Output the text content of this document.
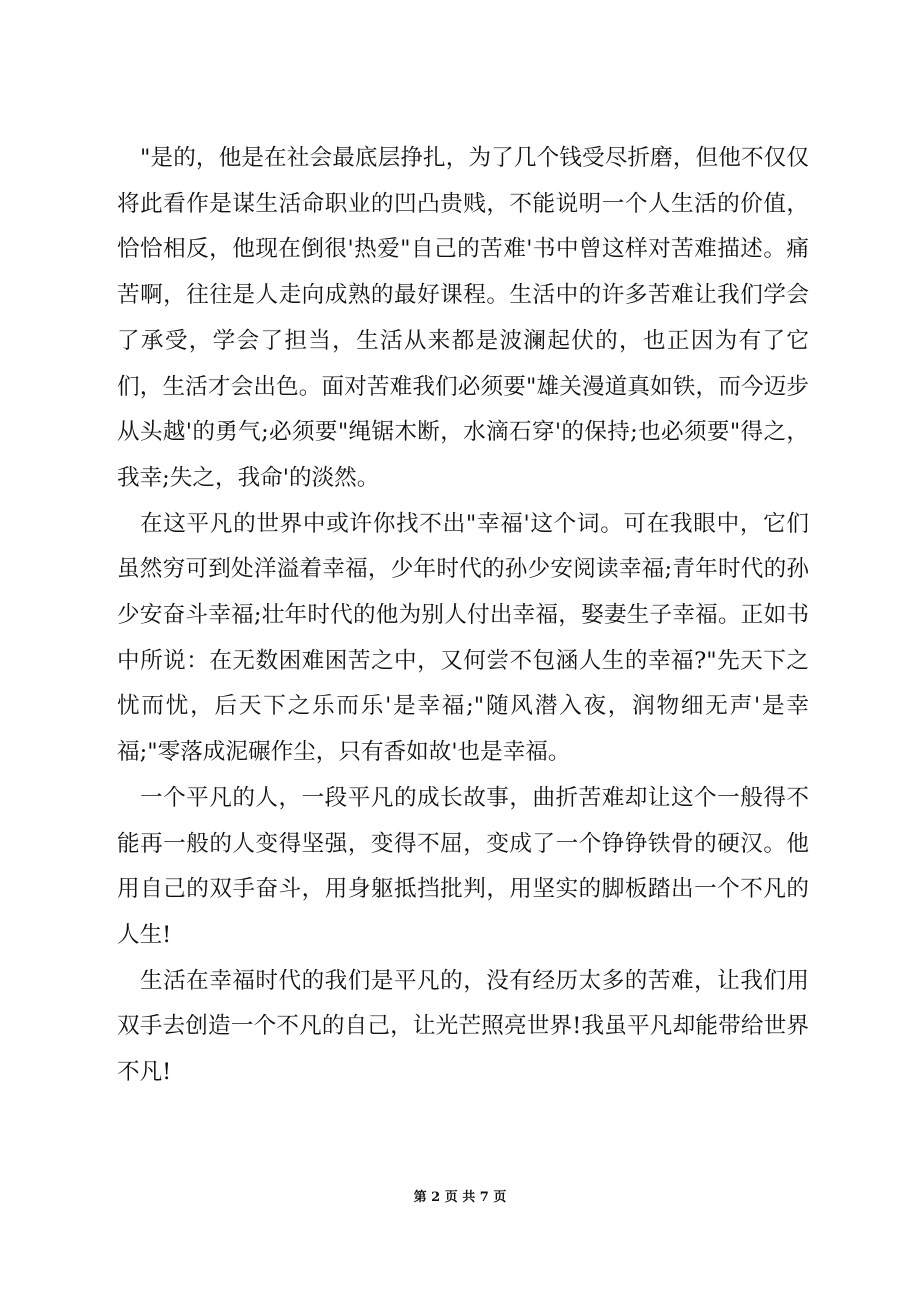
"是的，他是在社会最底层挣扎，为了几个钱受尽折磨，但他不仅仅将此看作是谋生活命职业的凹凸贵贱，不能说明一个人生活的价值，恰恰相反，他现在倒很'热爱"自己的苦难'书中曾这样对苦难描述。痛苦啊，往往是人走向成熟的最好课程。生活中的许多苦难让我们学会了承受，学会了担当，生活从来都是波澜起伏的，也正因为有了它们，生活才会出色。面对苦难我们必须要"雄关漫道真如铁，而今迈步从头越'的勇气;必须要"绳锯木断，水滴石穿'的保持;也必须要"得之，我幸;失之，我命'的淡然。

在这平凡的世界中或许你找不出"幸福'这个词。可在我眼中，它们虽然穷可到处洋溢着幸福，少年时代的孙少安阅读幸福;青年时代的孙少安奋斗幸福;壮年时代的他为别人付出幸福，娶妻生子幸福。正如书中所说：在无数困难困苦之中，又何尝不包涵人生的幸福?"先天下之忧而忧，后天下之乐而乐'是幸福;"随风潜入夜，润物细无声'是幸福;"零落成泥碾作尘，只有香如故'也是幸福。

一个平凡的人，一段平凡的成长故事，曲折苦难却让这个一般得不能再一般的人变得坚强，变得不屈，变成了一个铮铮铁骨的硬汉。他用自己的双手奋斗，用身躯抵挡批判，用坚实的脚板踏出一个不凡的人生!

生活在幸福时代的我们是平凡的，没有经历太多的苦难，让我们用双手去创造一个不凡的自己，让光芒照亮世界!我虽平凡却能带给世界不凡!

第 2 页 共 7 页
